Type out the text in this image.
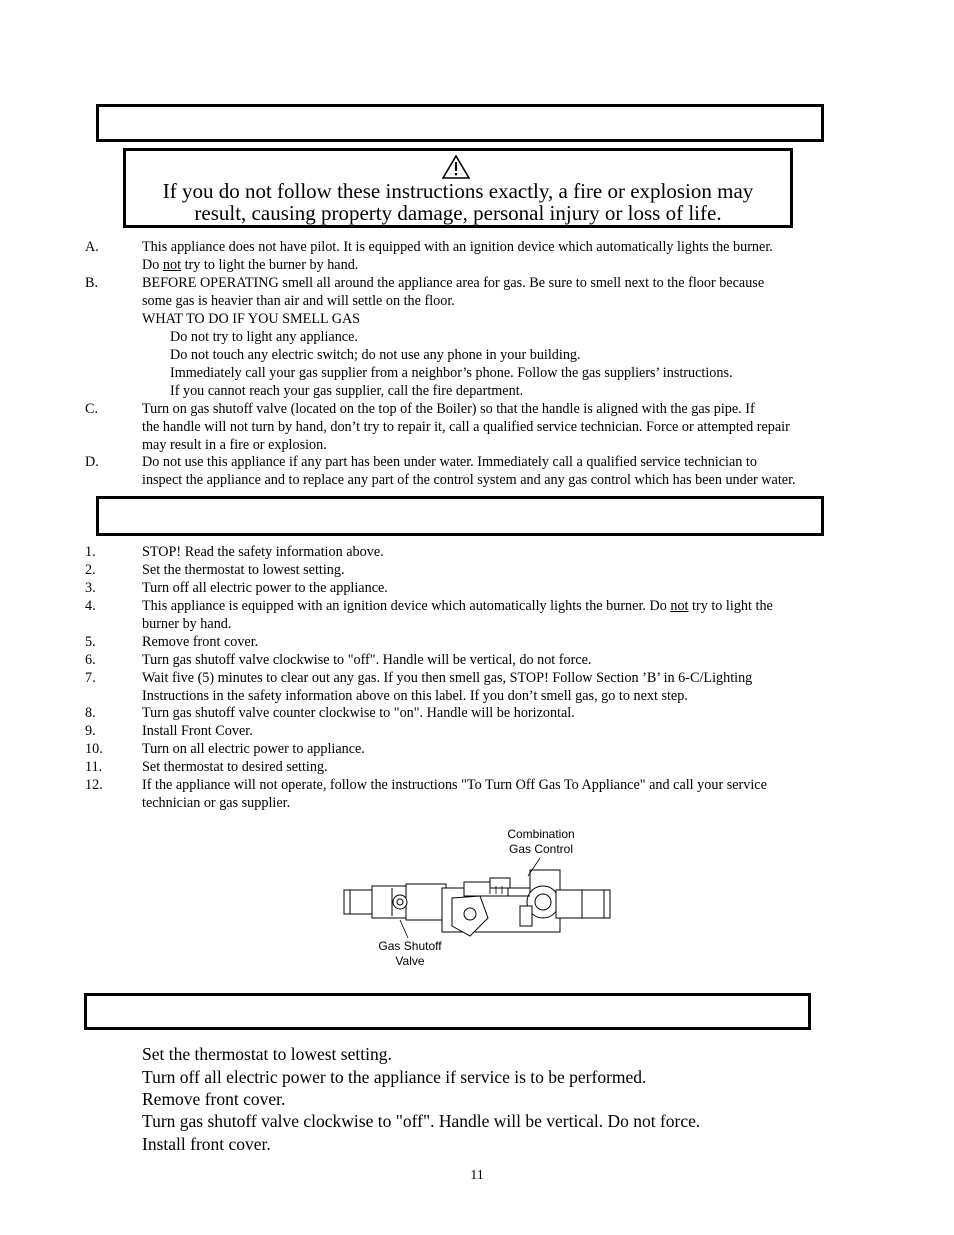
If you do not follow these instructions exactly, a fire or explosion may
result, causing property damage, personal injury or loss of life.
A.	This appliance does not have pilot. It is equipped with an ignition device which automatically lights the burner.
Do not try to light the burner by hand.
B.	BEFORE OPERATING smell all around the appliance area for gas. Be sure to smell next to the floor because
some gas is heavier than air and will settle on the floor.
WHAT TO DO IF YOU SMELL GAS
Do not try to light any appliance.
Do not touch any electric switch; do not use any phone in your building.
Immediately call your gas supplier from a neighbor’s phone. Follow the gas suppliers’ instructions.
If you cannot reach your gas supplier, call the fire department.
C.	Turn on gas shutoff valve (located on the top of the Boiler) so that the handle is aligned with the gas pipe. If
the handle will not turn by hand, don’t try to repair it, call a qualified service technician. Force or attempted repair
may result in a fire or explosion.
D.	Do not use this appliance if any part has been under water. Immediately call a qualified service technician to
inspect the appliance and to replace any part of the control system and any gas control which has been under water.
1.	STOP! Read the safety information above.
2.	Set the thermostat to lowest setting.
3.	Turn off all electric power to the appliance.
4.	This appliance is equipped with an ignition device which automatically lights the burner. Do not try to light the
burner by hand.
5.	Remove front cover.
6.	Turn gas shutoff valve clockwise to "off". Handle will be vertical, do not force.
7.	Wait five (5) minutes to clear out any gas. If you then smell gas, STOP! Follow Section ’B’ in 6-C/Lighting
Instructions in the safety information above on this label. If you don’t smell gas, go to next step.
8.	Turn gas shutoff valve counter clockwise to "on". Handle will be horizontal.
9.	Install Front Cover.
10.	Turn on all electric power to appliance.
11.	Set thermostat to desired setting.
12.	If the appliance will not operate, follow the instructions "To Turn Off Gas To Appliance" and call your service
technician or gas supplier.
Combination
Gas Control
Gas Shutoff
Valve
Set the thermostat to lowest setting.
Turn off all electric power to the appliance if service is to be performed.
Remove front cover.
Turn gas shutoff valve clockwise to "off". Handle will be vertical. Do not force.
Install front cover.
11
